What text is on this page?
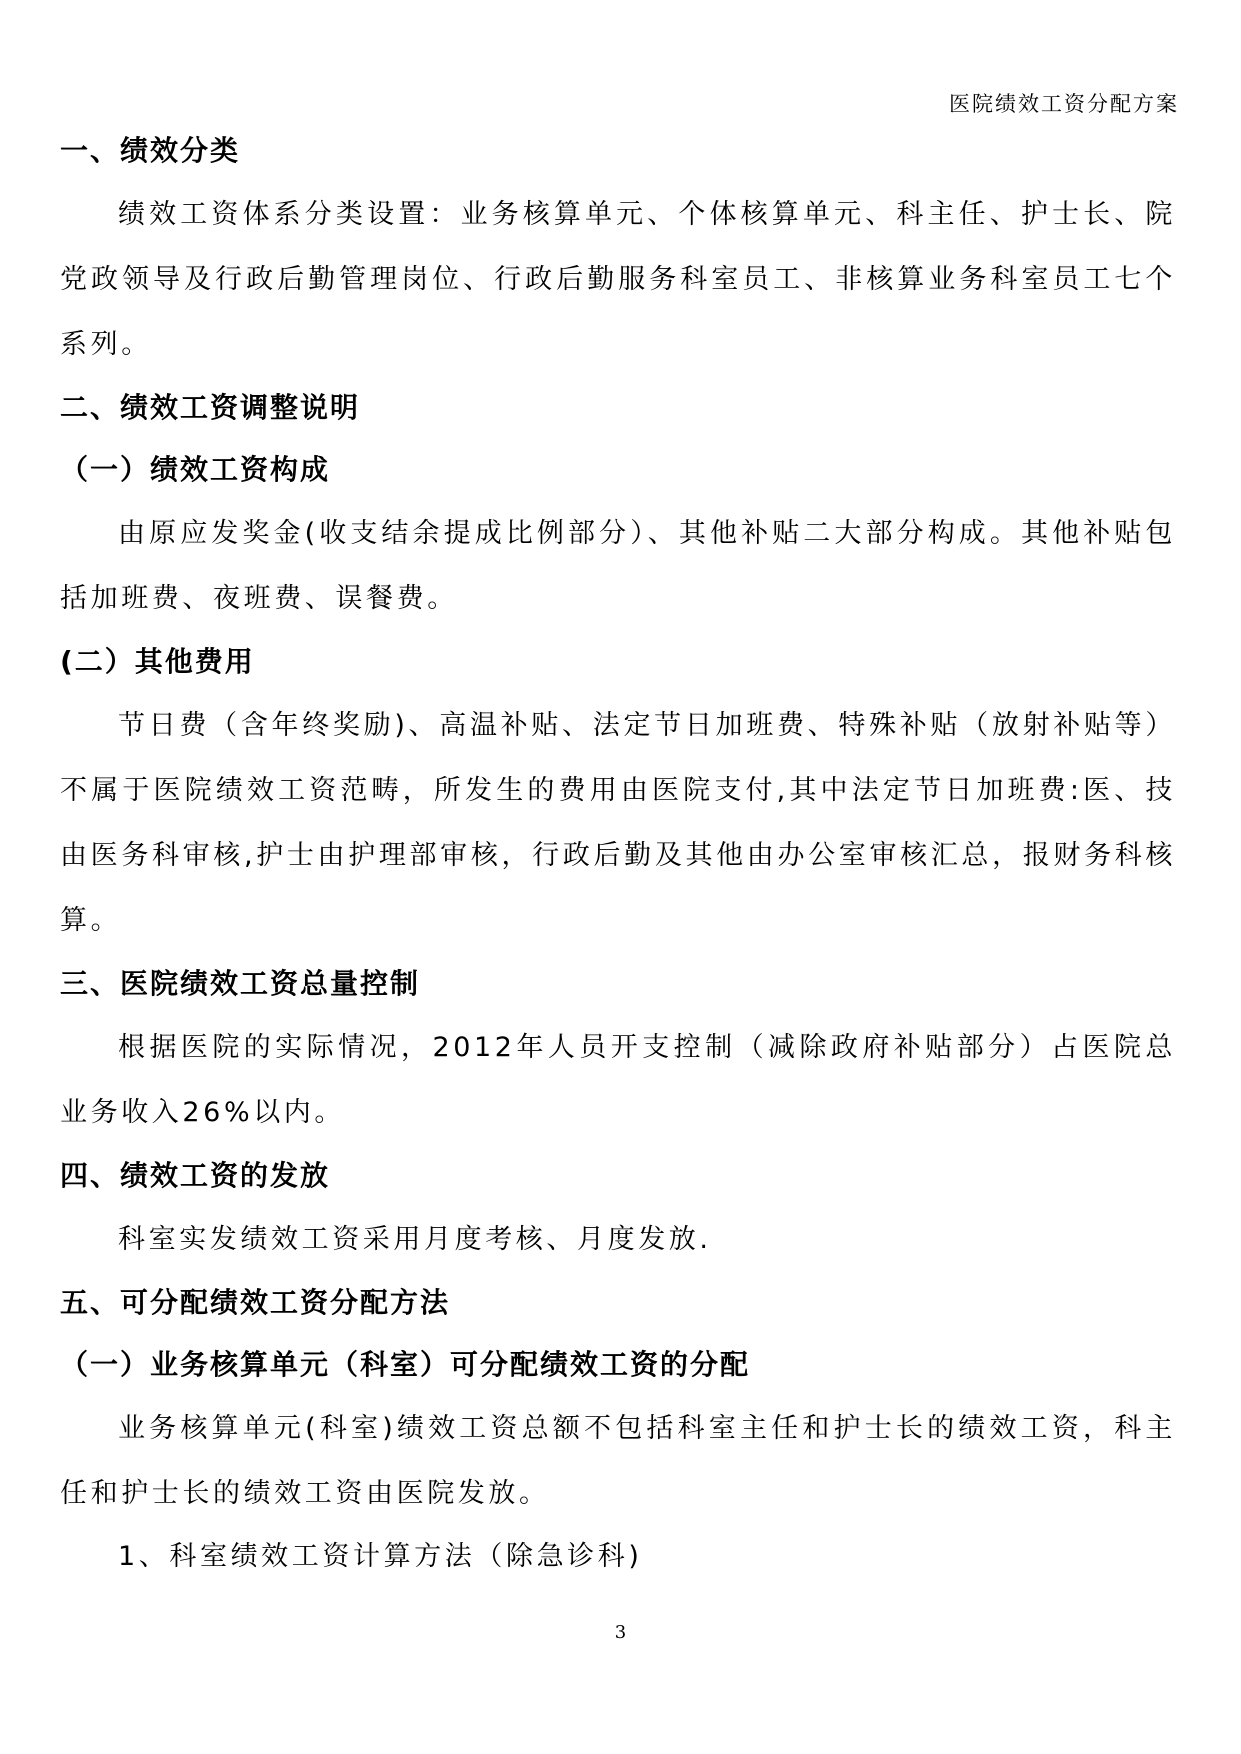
医院绩效工资分配方案

一、绩效分类

绩效工资体系分类设置：业务核算单元、个体核算单元、科主任、护士长、院党政领导及行政后勤管理岗位、行政后勤服务科室员工、非核算业务科室员工七个系列。

二、绩效工资调整说明

（一）绩效工资构成

由原应发奖金(收支结余提成比例部分）、其他补贴二大部分构成。其他补贴包括加班费、夜班费、误餐费。

(二）其他费用

节日费（含年终奖励)、高温补贴、法定节日加班费、特殊补贴（放射补贴等）不属于医院绩效工资范畴，所发生的费用由医院支付,其中法定节日加班费:医、技由医务科审核,护士由护理部审核，行政后勤及其他由办公室审核汇总，报财务科核算。

三、医院绩效工资总量控制

根据医院的实际情况，2012年人员开支控制（减除政府补贴部分）占医院总业务收入26%以内。

四、绩效工资的发放

科室实发绩效工资采用月度考核、月度发放.

五、可分配绩效工资分配方法

（一）业务核算单元（科室）可分配绩效工资的分配

业务核算单元(科室)绩效工资总额不包括科室主任和护士长的绩效工资，科主任和护士长的绩效工资由医院发放。

1、科室绩效工资计算方法（除急诊科)

3
